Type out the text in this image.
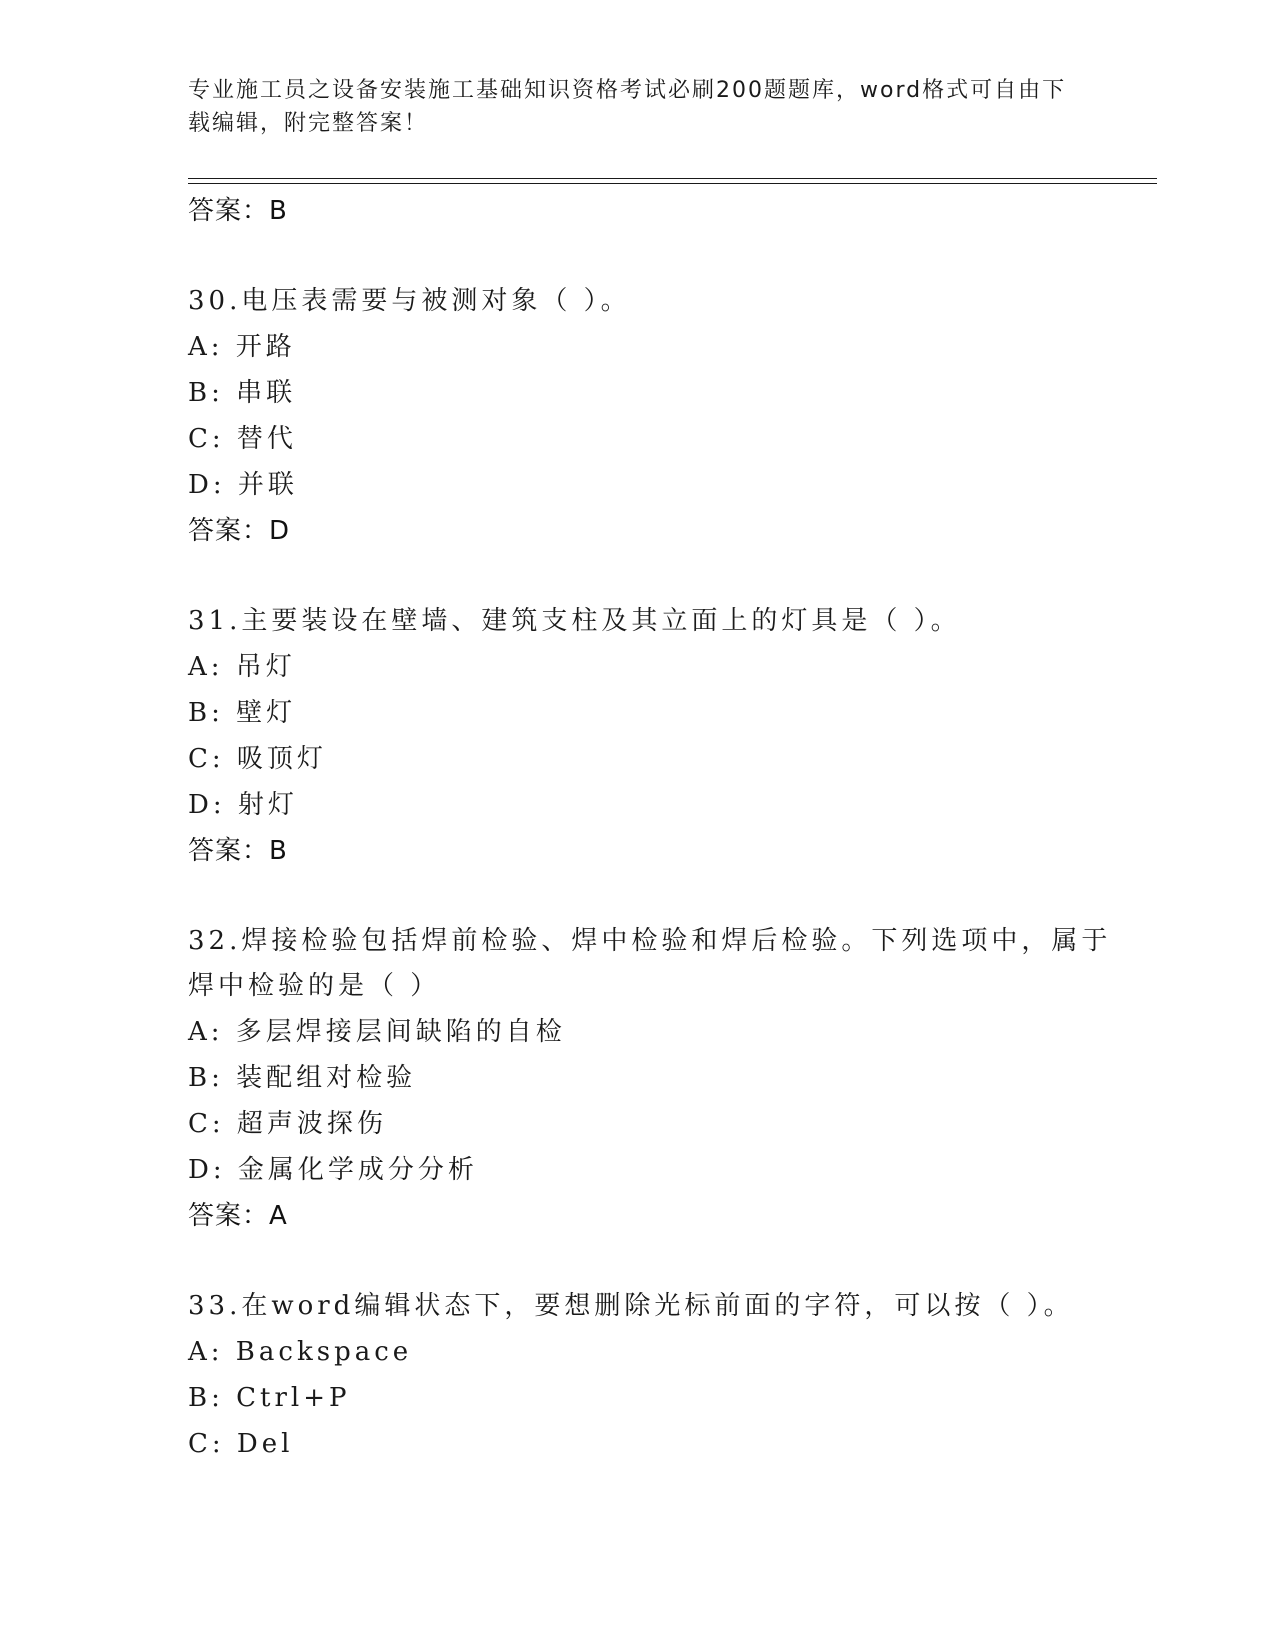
专业施工员之设备安装施工基础知识资格考试必刷200题题库，word格式可自由下载编辑，附完整答案！

答案：B

30.电压表需要与被测对象（ ）。

A: 开路

B: 串联

C: 替代

D: 并联

答案：D

31.主要装设在壁墙、建筑支柱及其立面上的灯具是（ ）。

A: 吊灯

B: 壁灯

C: 吸顶灯

D: 射灯

答案：B

32.焊接检验包括焊前检验、焊中检验和焊后检验。下列选项中，属于焊中检验的是（ ）

A: 多层焊接层间缺陷的自检

B: 装配组对检验

C: 超声波探伤

D: 金属化学成分分析

答案：A

33.在word编辑状态下，要想删除光标前面的字符，可以按（ ）。

A: Backspace

B: Ctrl+P

C: Del
